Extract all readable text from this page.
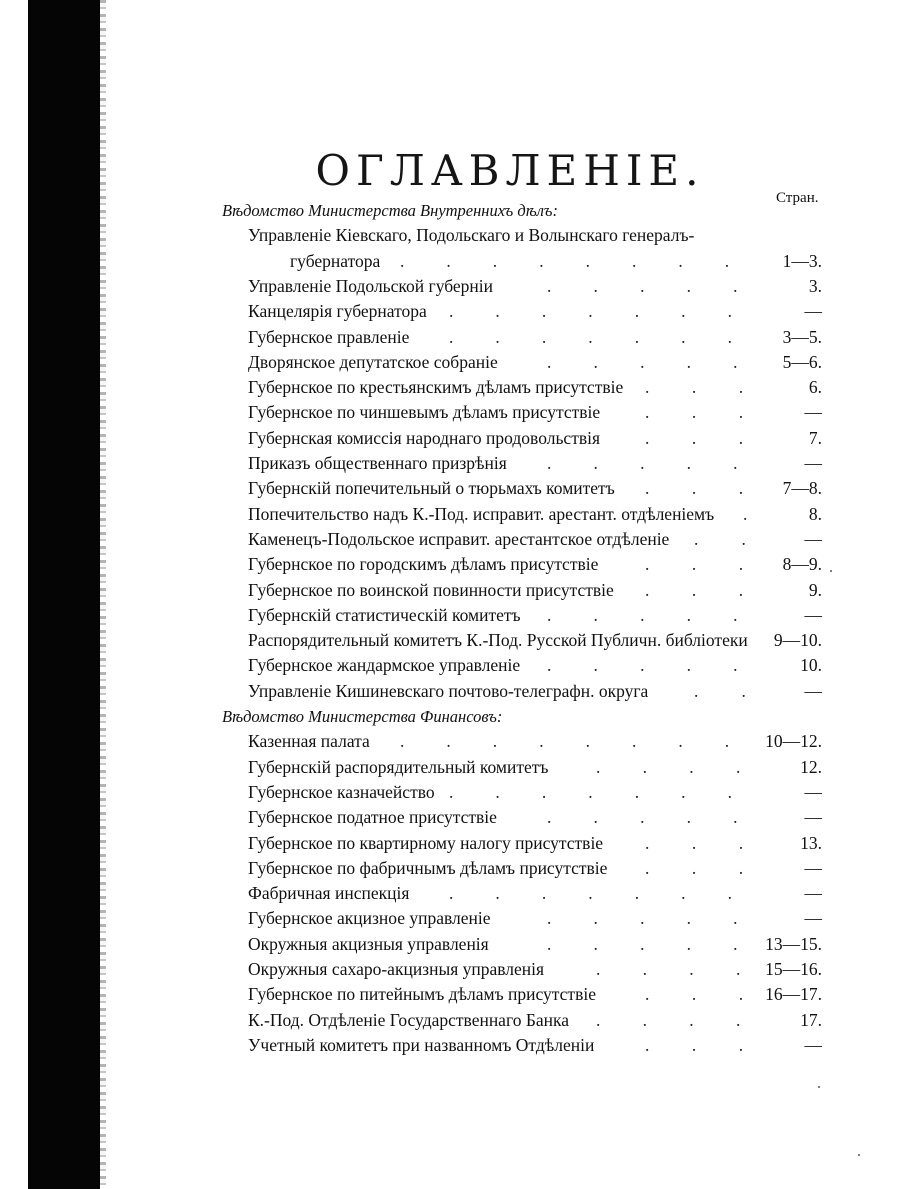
ОГЛАВЛЕНІЕ.
Стран.
Вѣдомство Министерства Внутреннихъ дѣлъ:
Управленіе Кіевскаго, Подольскаго и Волынскаго генералъ-
губернатора	1—3.
.   .   .   .   .   .   .   .
Управленіе Подольской губерніи	3.
.   .   .   .   .
Канцелярія губернатора	—
.   .   .   .   .   .   .
Губернское правленіе	3—5.
.   .   .   .   .   .   .
Дворянское депутатское собраніе	5—6.
.   .   .   .   .
Губернское по крестьянскимъ дѣламъ присутствіе	6.
.   .   .
Губернское по чиншевымъ дѣламъ присутствіе	—
.   .   .
Губернская комиссія народнаго продовольствія	7.
.   .   .
Приказъ общественнаго призрѣнія	—
.   .   .   .   .
Губернскій попечительный о тюрьмахъ комитетъ	7—8.
.   .   .
Попечительство надъ К.-Под. исправит. арестант. отдѣленіемъ	8.
.
Каменецъ-Подольское исправит. арестантское отдѣленіе	—
.   .
Губернское по городскимъ дѣламъ присутствіе	8—9.
.   .   .
Губернское по воинской повинности присутствіе	9.
.   .   .
Губернскій статистическій комитетъ	—
.   .   .   .   .
Распорядительный комитетъ К.-Под. Русской Публичн. библіотеки 9—10.
Губернское жандармское управленіе	10.
.   .   .   .   .
Управленіе Кишиневскаго почтово-телеграфн. округа	—
.   .
Вѣдомство Министерства Финансовъ:
Казенная палата	10—12.
.   .   .   .   .   .   .   .
Губернскій распорядительный комитетъ	12.
.   .   .   .
Губернское казначейство	—
.   .   .   .   .   .   .
Губернское податное присутствіе	—
.   .   .   .   .
Губернское по квартирному налогу присутствіе	13.
.   .   .
Губернское по фабричнымъ дѣламъ присутствіе	—
.   .   .
Фабричная инспекція	—
.   .   .   .   .   .   .
Губернское акцизное управленіе	—
.   .   .   .   .
Окружныя акцизныя управленія	13—15.
.   .   .   .   .
Окружныя сахаро-акцизныя управленія	15—16.
.   .   .   .
Губернское по питейнымъ дѣламъ присутствіе	16—17.
.   .   .
К.-Под. Отдѣленіе Государственнаго Банка	17.
.   .   .   .
Учетный комитетъ при названномъ Отдѣленіи	—
.   .   .
